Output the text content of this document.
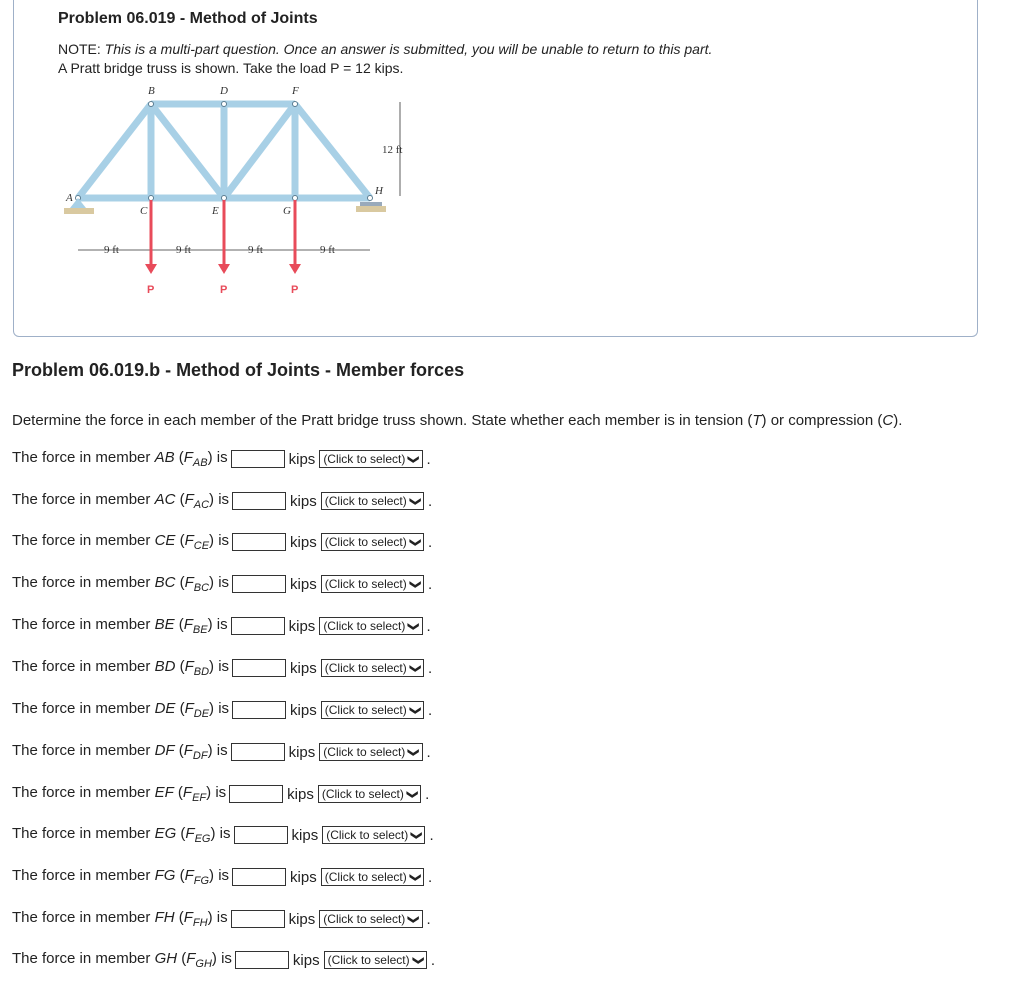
Problem 06.019 - Method of Joints
NOTE: This is a multi-part question. Once an answer is submitted, you will be unable to return to this part.
A Pratt bridge truss is shown. Take the load P = 12 kips.
A
B
C
D
E
F
G
H
12 ft
9 ft	9 ft	9 ft	9 ft
P	P	P
Problem 06.019.b - Method of Joints - Member forces
Determine the force in each member of the Pratt bridge truss shown. State whether each member is in tension (T) or compression (C).
The force in member AB $(F_{AB})$ is	kips (Click to select) ❮ .
The force in member AC $(F_{AC})$ is	kips (Click to select) ❮ .
The force in member CE $(F_{CE})$ is	kips (Click to select) ❮ .
The force in member BC $(F_{BC})$ is	kips (Click to select) ❮ .
The force in member BE $(F_{BE})$ is	kips (Click to select) ❮ .
The force in member BD $(F_{BD})$ is	kips (Click to select) ❮ .
The force in member DE $(F_{DE})$ is	kips (Click to select) ❮ .
The force in member DF $(F_{DF})$ is	kips (Click to select) ❮ .
The force in member EF $(F_{EF})$ is	kips (Click to select) ❮ .
The force in member EG $(F_{EG})$ is	kips (Click to select) ❮ .
The force in member FG $(F_{FG})$ is	kips (Click to select) ❮ .
The force in member FH $(F_{FH})$ is	kips (Click to select) ❮ .
The force in member GH $(F_{GH})$ is	kips (Click to select) ❮ .
